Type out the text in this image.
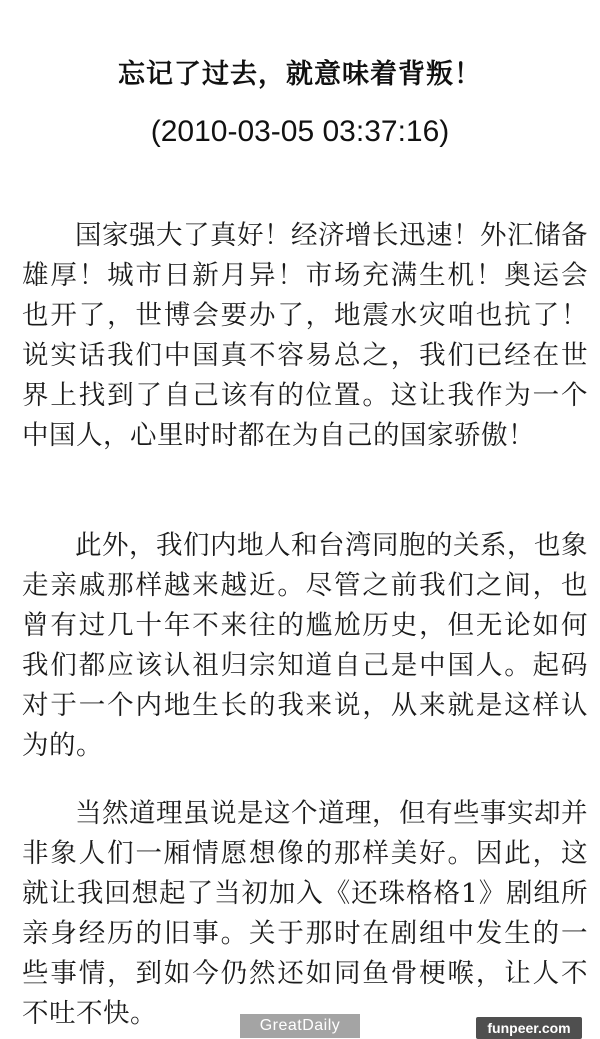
忘记了过去，就意味着背叛！
(2010-03-05 03:37:16)

国家强大了真好！经济增长迅速！外汇储备雄厚！城市日新月异！市场充满生机！奥运会也开了，世博会要办了，地震水灾咱也抗了！说实话我们中国真不容易总之，我们已经在世界上找到了自己该有的位置。这让我作为一个中国人，心里时时都在为自己的国家骄傲！

此外，我们内地人和台湾同胞的关系，也象走亲戚那样越来越近。尽管之前我们之间，也曾有过几十年不来往的尴尬历史，但无论如何我们都应该认祖归宗知道自己是中国人。起码对于一个内地生长的我来说，从来就是这样认为的。

当然道理虽说是这个道理，但有些事实却并非象人们一厢情愿想像的那样美好。因此，这就让我回想起了当初加入《还珠格格1》剧组所亲身经历的旧事。关于那时在剧组中发生的一些事情，到如今仍然还如同鱼骨梗喉，让人不不吐不快。	GreatDaily	funpeer.com
